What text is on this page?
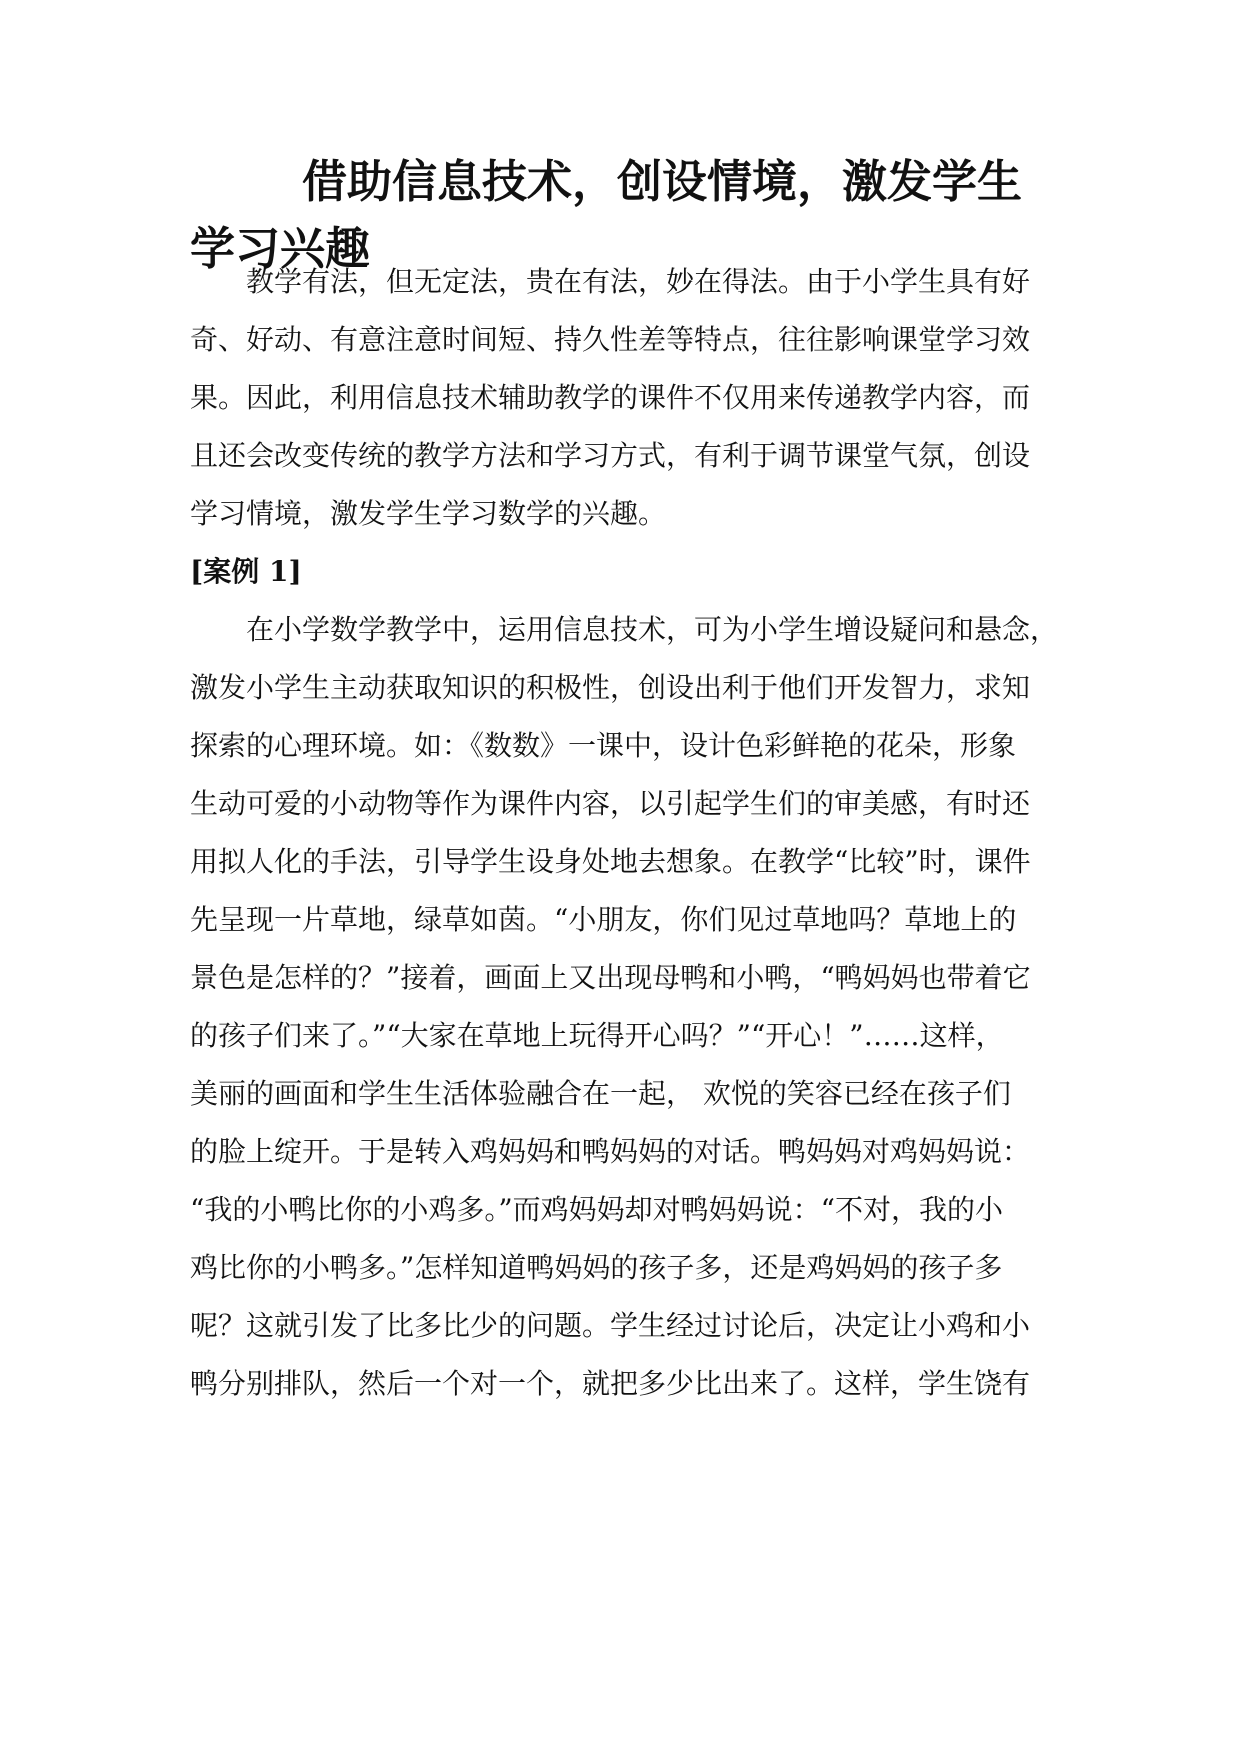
借助信息技术，创设情境，激发学生
学习兴趣

教学有法，但无定法，贵在有法，妙在得法。由于小学生具有好

奇、好动、有意注意时间短、持久性差等特点，往往影响课堂学习效

果。因此，利用信息技术辅助教学的课件不仅用来传递教学内容，而

且还会改变传统的教学方法和学习方式，有利于调节课堂气氛，创设

学习情境，激发学生学习数学的兴趣。

[案例 1]

在小学数学教学中，运用信息技术，可为小学生增设疑问和悬念，

激发小学生主动获取知识的积极性，创设出利于他们开发智力，求知

探索的心理环境。如：《数数》一课中，设计色彩鲜艳的花朵，形象

生动可爱的小动物等作为课件内容，以引起学生们的审美感，有时还

用拟人化的手法，引导学生设身处地去想象。在教学“比较”时，课件

先呈现一片草地，绿草如茵。“小朋友，你们见过草地吗？草地上的

景色是怎样的？”接着，画面上又出现母鸭和小鸭，“鸭妈妈也带着它

的孩子们来了。”“大家在草地上玩得开心吗？”“开心！”……这样，

美丽的画面和学生生活体验融合在一起， 欢悦的笑容已经在孩子们

的脸上绽开。于是转入鸡妈妈和鸭妈妈的对话。鸭妈妈对鸡妈妈说：

“我的小鸭比你的小鸡多。”而鸡妈妈却对鸭妈妈说：“不对，我的小

鸡比你的小鸭多。”怎样知道鸭妈妈的孩子多，还是鸡妈妈的孩子多

呢？这就引发了比多比少的问题。学生经过讨论后，决定让小鸡和小

鸭分别排队，然后一个对一个，就把多少比出来了。这样，学生饶有
